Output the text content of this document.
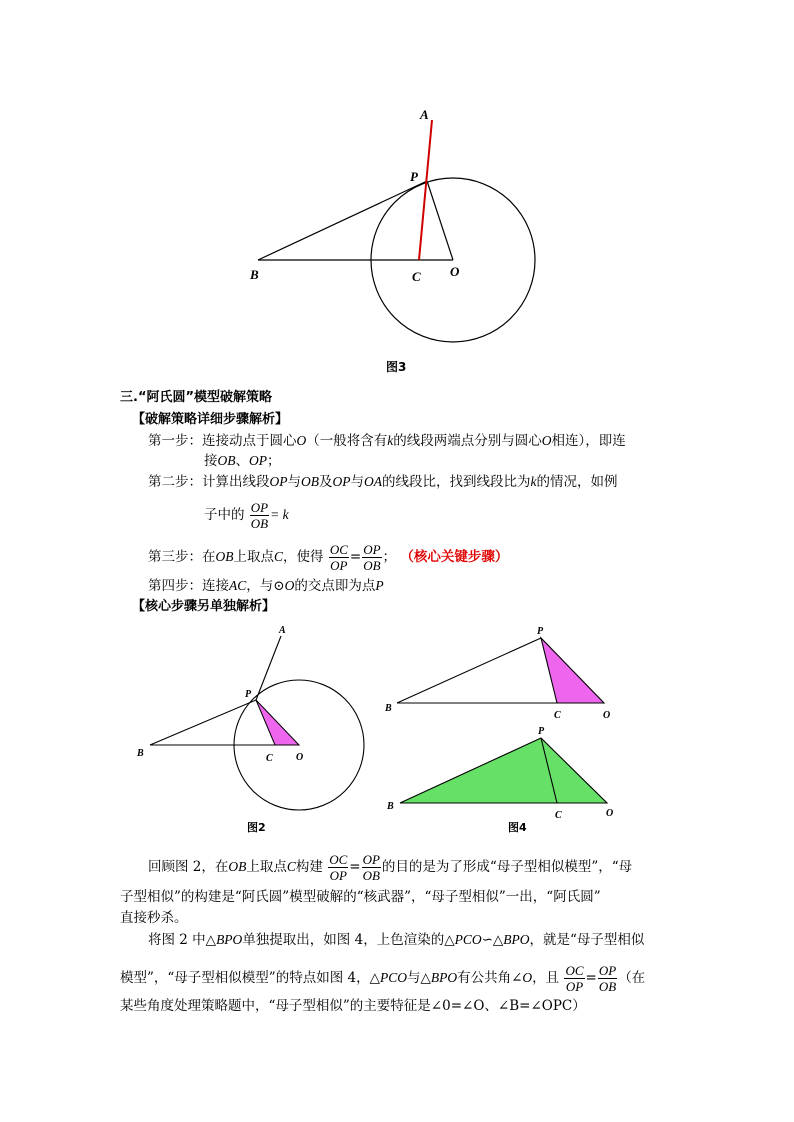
A
P
B	C O
图3
三.“阿氏圆”模型破解策略
【破解策略详细步骤解析】
第一步：连接动点于圆心O（一般将含有k的线段两端点分别与圆心O相连），即连
接OB、OP；
第二步：计算出线段OP与OB及OP与OA的线段比，找到线段比为k的情况，如例
子中的 $\frac{OP}{OB} = k$
第三步：在OB上取点C，使得 $\frac{OC}{OP} = \frac{OP}{OB}$ ； （核心关键步骤）
第四步：连接AC，与⊙O的交点即为点P
【核心步骤另单独解析】
A
P
B	C O
图2
P
B
C	O
P
B
C	O
图4
回顾图 2，在OB上取点C构建 $\frac{OC}{OP} = \frac{OP}{OB}$ 的目的是为了形成“母子型相似模型”，“母
子型相似”的构建是“阿氏圆”模型破解的“核武器”，“母子型相似”一出，“阿氏圆”
直接秒杀。
将图 2 中△BPO单独提取出，如图 4，上色渲染的△PCO∽△BPO，就是“母子型相似
模型”，“母子型相似模型”的特点如图 4，△PCO与△BPO有公共角∠O，且 $\frac{OC}{OP} = \frac{OP}{OB}$ （在
某些角度处理策略题中，“母子型相似”的主要特征是∠0=∠O、∠B=∠OPC）
